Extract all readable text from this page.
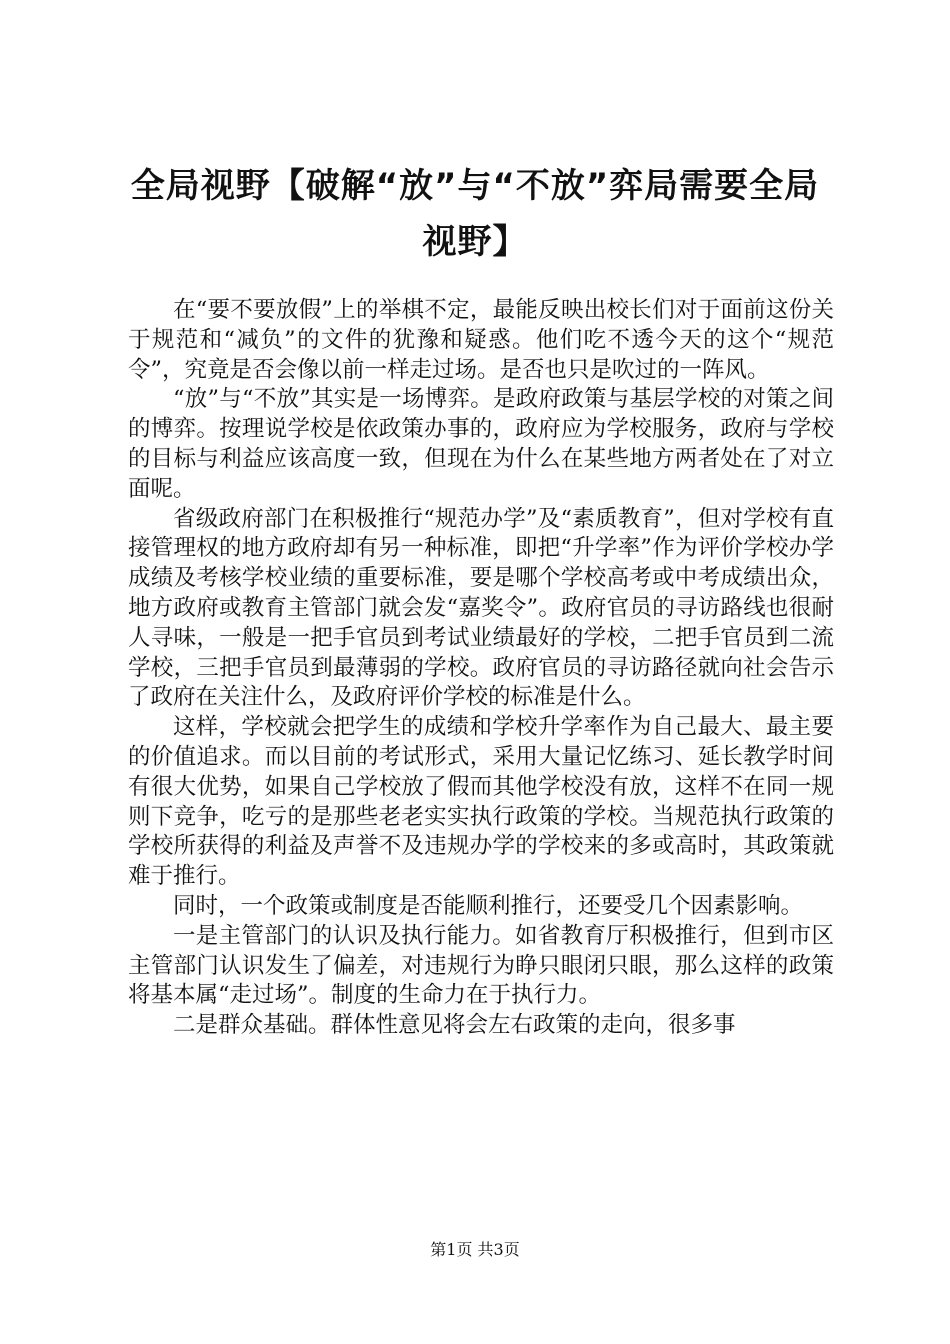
全局视野【破解“放”与“不放”弈局需要全局视野】

在“要不要放假”上的举棋不定，最能反映出校长们对于面前这份关于规范和“减负”的文件的犹豫和疑惑。他们吃不透今天的这个“规范令”，究竟是否会像以前一样走过场。是否也只是吹过的一阵风。

“放”与“不放”其实是一场博弈。是政府政策与基层学校的对策之间的博弈。按理说学校是依政策办事的，政府应为学校服务，政府与学校的目标与利益应该高度一致，但现在为什么在某些地方两者处在了对立面呢。

省级政府部门在积极推行“规范办学”及“素质教育”，但对学校有直接管理权的地方政府却有另一种标准，即把“升学率”作为评价学校办学成绩及考核学校业绩的重要标准，要是哪个学校高考或中考成绩出众，地方政府或教育主管部门就会发“嘉奖令”。政府官员的寻访路线也很耐人寻味，一般是一把手官员到考试业绩最好的学校，二把手官员到二流学校，三把手官员到最薄弱的学校。政府官员的寻访路径就向社会告示了政府在关注什么，及政府评价学校的标准是什么。

这样，学校就会把学生的成绩和学校升学率作为自己最大、最主要的价值追求。而以目前的考试形式，采用大量记忆练习、延长教学时间有很大优势，如果自己学校放了假而其他学校没有放，这样不在同一规则下竞争，吃亏的是那些老老实实执行政策的学校。当规范执行政策的学校所获得的利益及声誉不及违规办学的学校来的多或高时，其政策就难于推行。

同时，一个政策或制度是否能顺利推行，还要受几个因素影响。

一是主管部门的认识及执行能力。如省教育厅积极推行，但到市区主管部门认识发生了偏差，对违规行为睁只眼闭只眼，那么这样的政策将基本属“走过场”。制度的生命力在于执行力。

二是群众基础。群体性意见将会左右政策的走向，很多事

第1页 共3页
